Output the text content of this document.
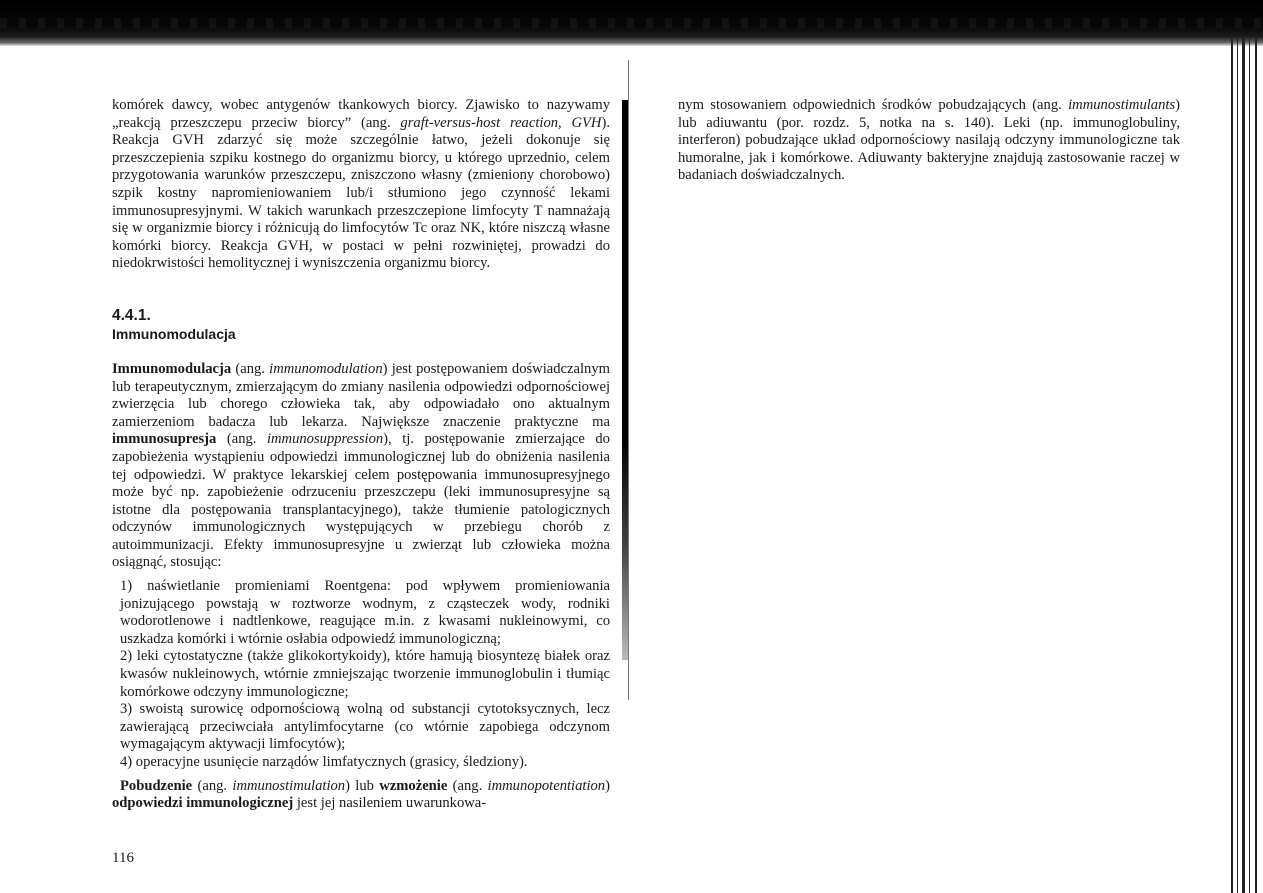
komórek dawcy, wobec antygenów tkankowych biorcy. Zjawisko to nazywamy „reakcją przeszczepu przeciw biorcy” (ang. graft-versus-host reaction, GVH). Reakcja GVH zdarzyć się może szczególnie łatwo, jeżeli dokonuje się przeszczepienia szpiku kostnego do organizmu biorcy, u którego uprzednio, celem przygotowania warunków przeszczepu, zniszczono własny (zmieniony chorobowo) szpik kostny napromieniowaniem lub/i stłumiono jego czynność lekami immunosupresyjnymi. W takich warunkach przeszczepione limfocyty T namnażają się w organizmie biorcy i różnicują do limfocytów Tc oraz NK, które niszczą własne komórki biorcy. Reakcja GVH, w postaci w pełni rozwiniętej, prowadzi do niedokrwistości hemolitycznej i wyniszczenia organizmu biorcy.

4.4.1.

Immunomodulacja

Immunomodulacja (ang. immunomodulation) jest postępowaniem doświadczalnym lub terapeutycznym, zmierzającym do zmiany nasilenia odpowiedzi odpornościowej zwierzęcia lub chorego człowieka tak, aby odpowiadało ono aktualnym zamierzeniom badacza lub lekarza. Największe znaczenie praktyczne ma immunosupresja (ang. immunosuppression), tj. postępowanie zmierzające do zapobieżenia wystąpieniu odpowiedzi immunologicznej lub do obniżenia nasilenia tej odpowiedzi. W praktyce lekarskiej celem postępowania immunosupresyjnego może być np. zapobieżenie odrzuceniu przeszczepu (leki immunosupresyjne są istotne dla postępowania transplantacyjnego), także tłumienie patologicznych odczynów immunologicznych występujących w przebiegu chorób z autoimmunizacji. Efekty immunosupresyjne u zwierząt lub człowieka można osiągnąć, stosując:

1) naświetlanie promieniami Roentgena: pod wpływem promieniowania jonizującego powstają w roztworze wodnym, z cząsteczek wody, rodniki wodorotlenowe i nadtlenkowe, reagujące m.in. z kwasami nukleinowymi, co uszkadza komórki i wtórnie osłabia odpowiedź immunologiczną;

2) leki cytostatyczne (także glikokortykoidy), które hamują biosyntezę białek oraz kwasów nukleinowych, wtórnie zmniejszając tworzenie immunoglobulin i tłumiąc komórkowe odczyny immunologiczne;

3) swoistą surowicę odpornościową wolną od substancji cytotoksycznych, lecz zawierającą przeciwciała antylimfocytarne (co wtórnie zapobiega odczynom wymagającym aktywacji limfocytów);

4) operacyjne usunięcie narządów limfatycznych (grasicy, śledziony).

Pobudzenie (ang. immunostimulation) lub wzmożenie (ang. immunopotentiation) odpowiedzi immunologicznej jest jej nasileniem uwarunkowa-

116

nym stosowaniem odpowiednich środków pobudzających (ang. immunostimulants) lub adiuwantu (por. rozdz. 5, notka na s. 140). Leki (np. immunoglobuliny, interferon) pobudzające układ odpornościowy nasilają odczyny immunologiczne tak humoralne, jak i komórkowe. Adiuwanty bakteryjne znajdują zastosowanie raczej w badaniach doświadczalnych.
